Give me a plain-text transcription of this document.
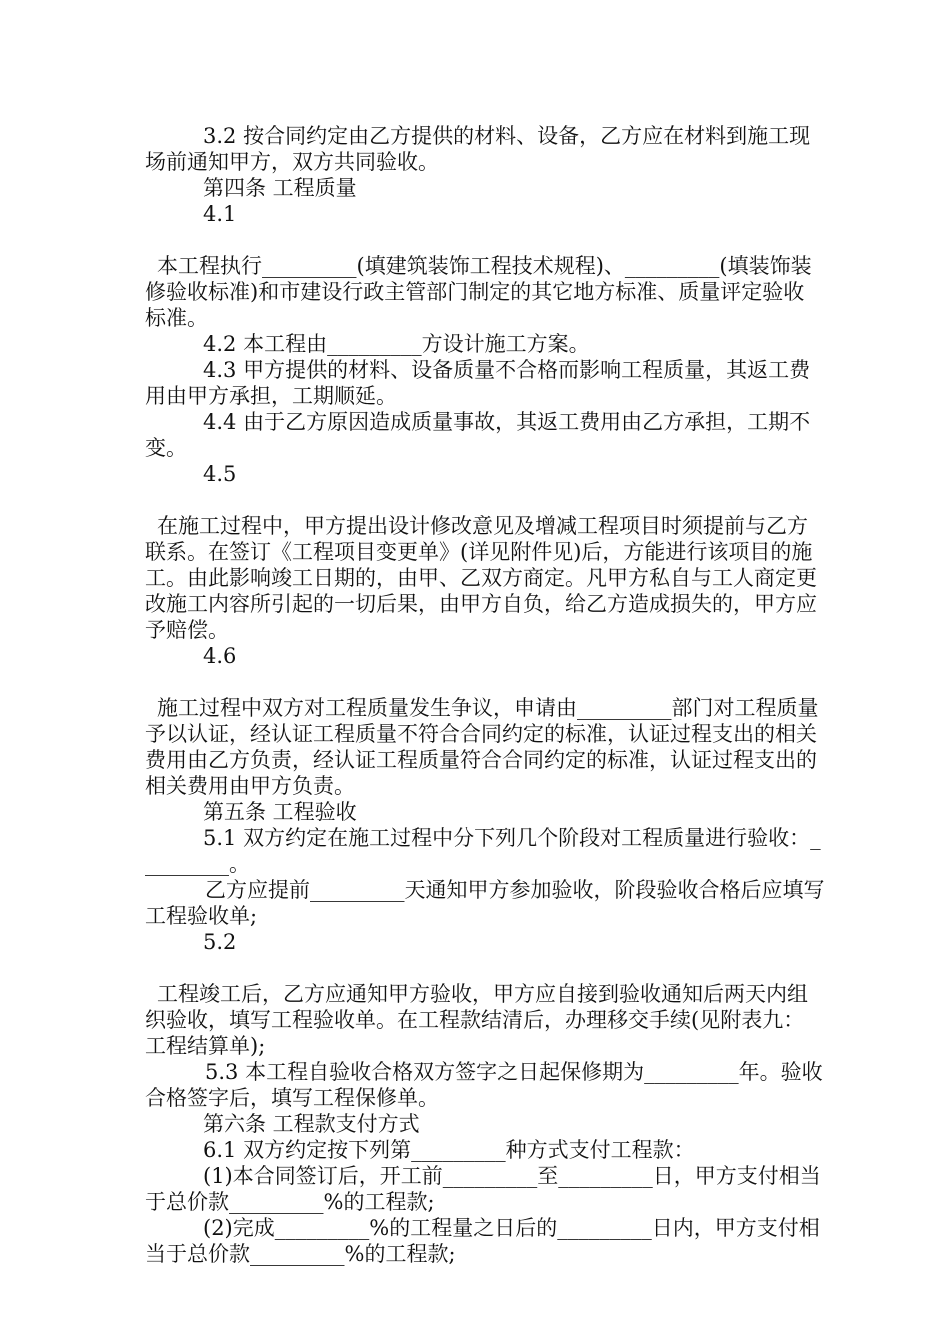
3.2 按合同约定由乙方提供的材料、设备，乙方应在材料到施工现场前通知甲方，双方共同验收。

第四条 工程质量

4.1

本工程执行_________(填建筑装饰工程技术规程)、_________(填装饰装修验收标准)和市建设行政主管部门制定的其它地方标准、质量评定验收标准。

4.2 本工程由_________方设计施工方案。

4.3 甲方提供的材料、设备质量不合格而影响工程质量，其返工费用由甲方承担，工期顺延。

4.4 由于乙方原因造成质量事故，其返工费用由乙方承担，工期不变。

4.5

在施工过程中，甲方提出设计修改意见及增减工程项目时须提前与乙方联系。在签订《工程项目变更单》(详见附件见)后，方能进行该项目的施工。由此影响竣工日期的，由甲、乙双方商定。凡甲方私自与工人商定更改施工内容所引起的一切后果，由甲方自负，给乙方造成损失的，甲方应予赔偿。

4.6

施工过程中双方对工程质量发生争议，申请由_________部门对工程质量予以认证，经认证工程质量不符合合同约定的标准，认证过程支出的相关费用由乙方负责，经认证工程质量符合合同约定的标准，认证过程支出的相关费用由甲方负责。

第五条 工程验收

5.1 双方约定在施工过程中分下列几个阶段对工程质量进行验收：_________。

乙方应提前_________天通知甲方参加验收，阶段验收合格后应填写工程验收单;

5.2

工程竣工后，乙方应通知甲方验收，甲方应自接到验收通知后两天内组织验收，填写工程验收单。在工程款结清后，办理移交手续(见附表九：工程结算单);

5.3 本工程自验收合格双方签字之日起保修期为_________年。验收合格签字后，填写工程保修单。

第六条 工程款支付方式

6.1 双方约定按下列第_________种方式支付工程款：

(1)本合同签订后，开工前_________至_________日，甲方支付相当于总价款_________%的工程款;

(2)完成_________%的工程量之日后的_________日内，甲方支付相当于总价款_________%的工程款;
